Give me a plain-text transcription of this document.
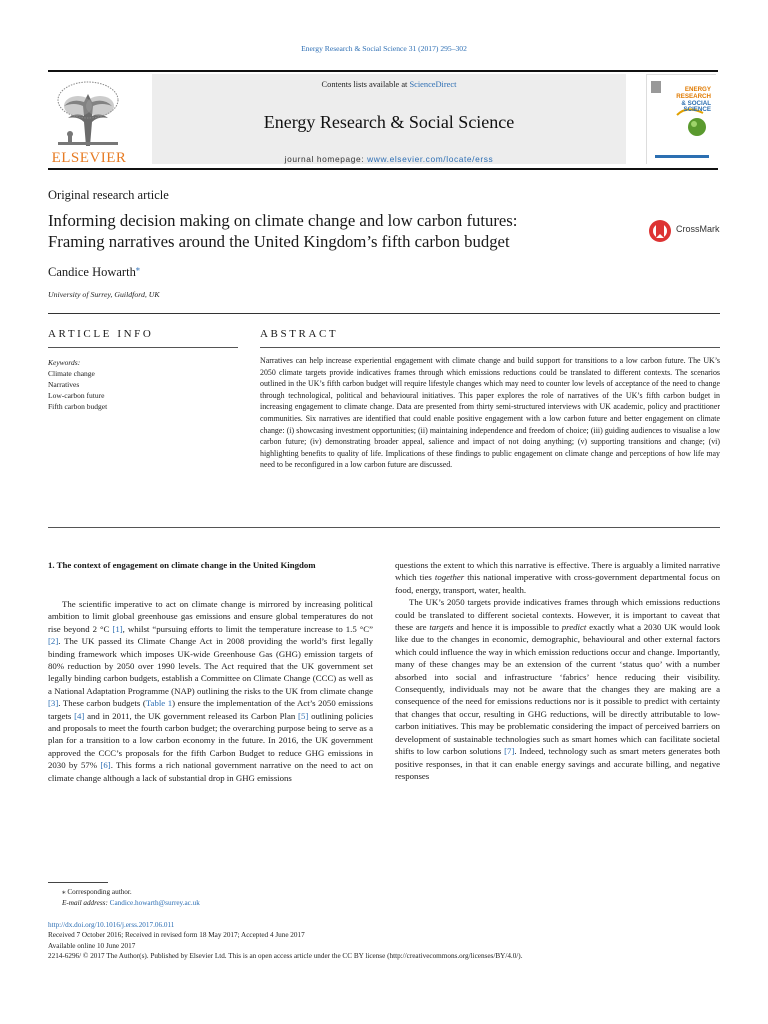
Energy Research & Social Science 31 (2017) 295–302
ELSEVIER
Contents lists available at ScienceDirect
Energy Research & Social Science
journal homepage: www.elsevier.com/locate/erss
ENERGY
RESEARCH
& SOCIAL
SCIENCE
Original research article
Informing decision making on climate change and low carbon futures:
Framing narratives around the United Kingdom’s fifth carbon budget
CrossMark
Candice Howarth⁎
University of Surrey, Guildford, UK
ARTICLE INFO	ABSTRACT
Keywords:
Climate change
Narratives
Low-carbon future
Fifth carbon budget
Narratives can help increase experiential engagement with climate change and build support for transitions to a low carbon future. The UK’s 2050 climate targets provide indicatives frames through which emissions reductions could be translated to different contexts. The scenarios outlined in the UK’s fifth carbon budget will require lifestyle changes which may need to counter low levels of acceptance of the need to change through technological, political and behavioural initiatives. This paper explores the role of narratives of the UK’s fifth carbon budget in increasing engagement to climate change. Data are presented from thirty semi-structured interviews with UK academic, policy and practitioner communities. Six narratives are identified that could enable positive engagement with a low carbon future and better engagement on climate change: (i) showcasing investment opportunities; (ii) maintaining independence and freedom of choice; (iii) guiding audiences to visualise a low carbon future; (iv) demonstrating broader appeal, salience and impact of not doing anything; (v) supporting transitions and change; (vi) highlighting benefits to quality of life. Implications of these findings to public engagement on climate change and perceptions of how life may need to be reconfigured in a low carbon future are discussed.
1. The context of engagement on climate change in the United Kingdom

The scientific imperative to act on climate change is mirrored by increasing political ambition to limit global greenhouse gas emissions and ensure global temperatures do not rise beyond 2 °C [1], whilst “pursuing efforts to limit the temperature increase to 1.5 °C” [2]. The UK passed its Climate Change Act in 2008 providing the world’s first legally binding framework which imposes UK-wide Greenhouse Gas (GHG) emission targets of 80% reduction by 2050 over 1990 levels. The Act required that the UK government set legally binding carbon budgets, establish a Committee on Climate Change (CCC) as well as a National Adaptation Programme (NAP) outlining the risks to the UK from climate change [3]. These carbon budgets (Table 1) ensure the implementation of the Act’s 2050 emissions targets [4] and in 2011, the UK government released its Carbon Plan [5] outlining policies and proposals to meet the fourth carbon budget; the overarching purpose being to serve as a plan for a transition to a low carbon economy in the future. In 2016, the UK government approved the CCC’s proposals for the fifth Carbon Budget to reduce GHG emissions in 2030 by 57% [6]. This forms a rich national government narrative on the need to act on climate change although a lack of substantial drop in GHG emissions

questions the extent to which this narrative is effective. There is arguably a limited narrative which ties together this national imperative with cross-government departmental focus on food, energy, transport, water, health.

The UK’s 2050 targets provide indicatives frames through which emissions reductions could be translated to different societal contexts. However, it is important to caveat that these are targets and hence it is impossible to predict exactly what a 2030 UK would look like due to the changes in economic, demographic, behavioural and other external factors which could influence the way in which emission reductions occur and change. Importantly, many of these changes may be an extension of the current ‘status quo’ with a number absorbed into social and infrastructure ‘fabrics’ hence reducing their visibility. Consequently, individuals may not be aware that the changes they are making are a consequence of the need for emissions reductions nor is it possible to predict with certainty that changes that occur, resulting in GHG reductions, will be directly attributable to low-carbon initiatives. This may be problematic considering the impact of perceived barriers on development of sustainable technologies such as smart homes which can facilitate societal shifts to low carbon solutions [7]. Indeed, technology such as smart meters generates both positive responses, in that it can enable energy savings and accurate billing, and negative responses

⁎ Corresponding author.
E-mail address: Candice.howarth@surrey.ac.uk
http://dx.doi.org/10.1016/j.erss.2017.06.011
Received 7 October 2016; Received in revised form 18 May 2017; Accepted 4 June 2017
Available online 10 June 2017
2214-6296/ © 2017 The Author(s). Published by Elsevier Ltd. This is an open access article under the CC BY license (http://creativecommons.org/licenses/BY/4.0/).
